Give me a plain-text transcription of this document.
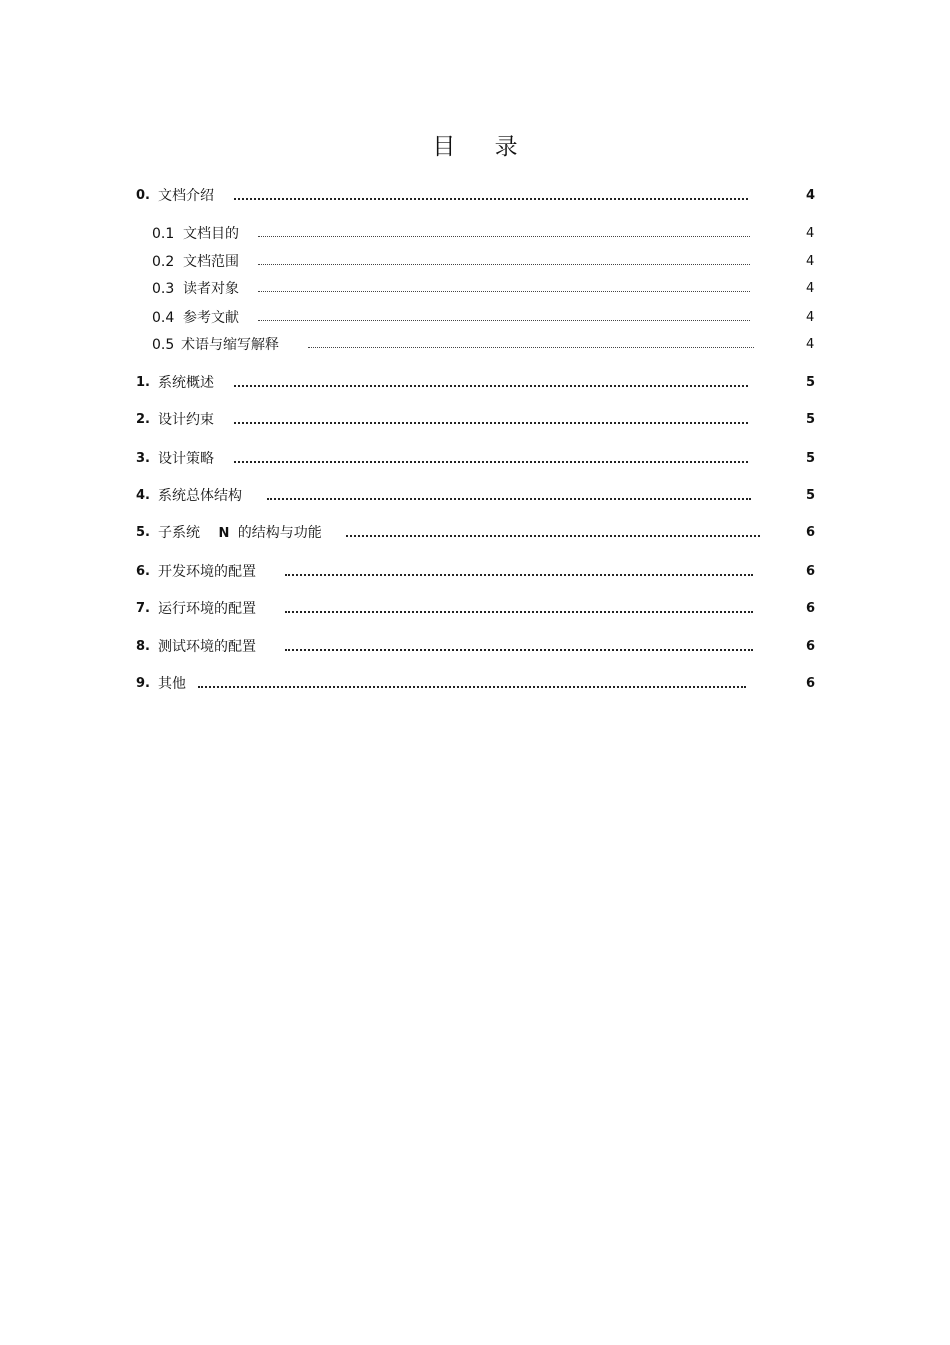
目 录
0. 文档介绍	4
0.1 文档目的	4
0.2 文档范围	4
0.3 读者对象	4
0.4 参考文献	4
0.5 术语与缩写解释	4
1. 系统概述	5
2. 设计约束	5
3. 设计策略	5
4. 系统总体结构	5
5. 子系统 N 的结构与功能	6
6. 开发环境的配置	6
7. 运行环境的配置	6
8. 测试环境的配置	6
9. 其他	6
